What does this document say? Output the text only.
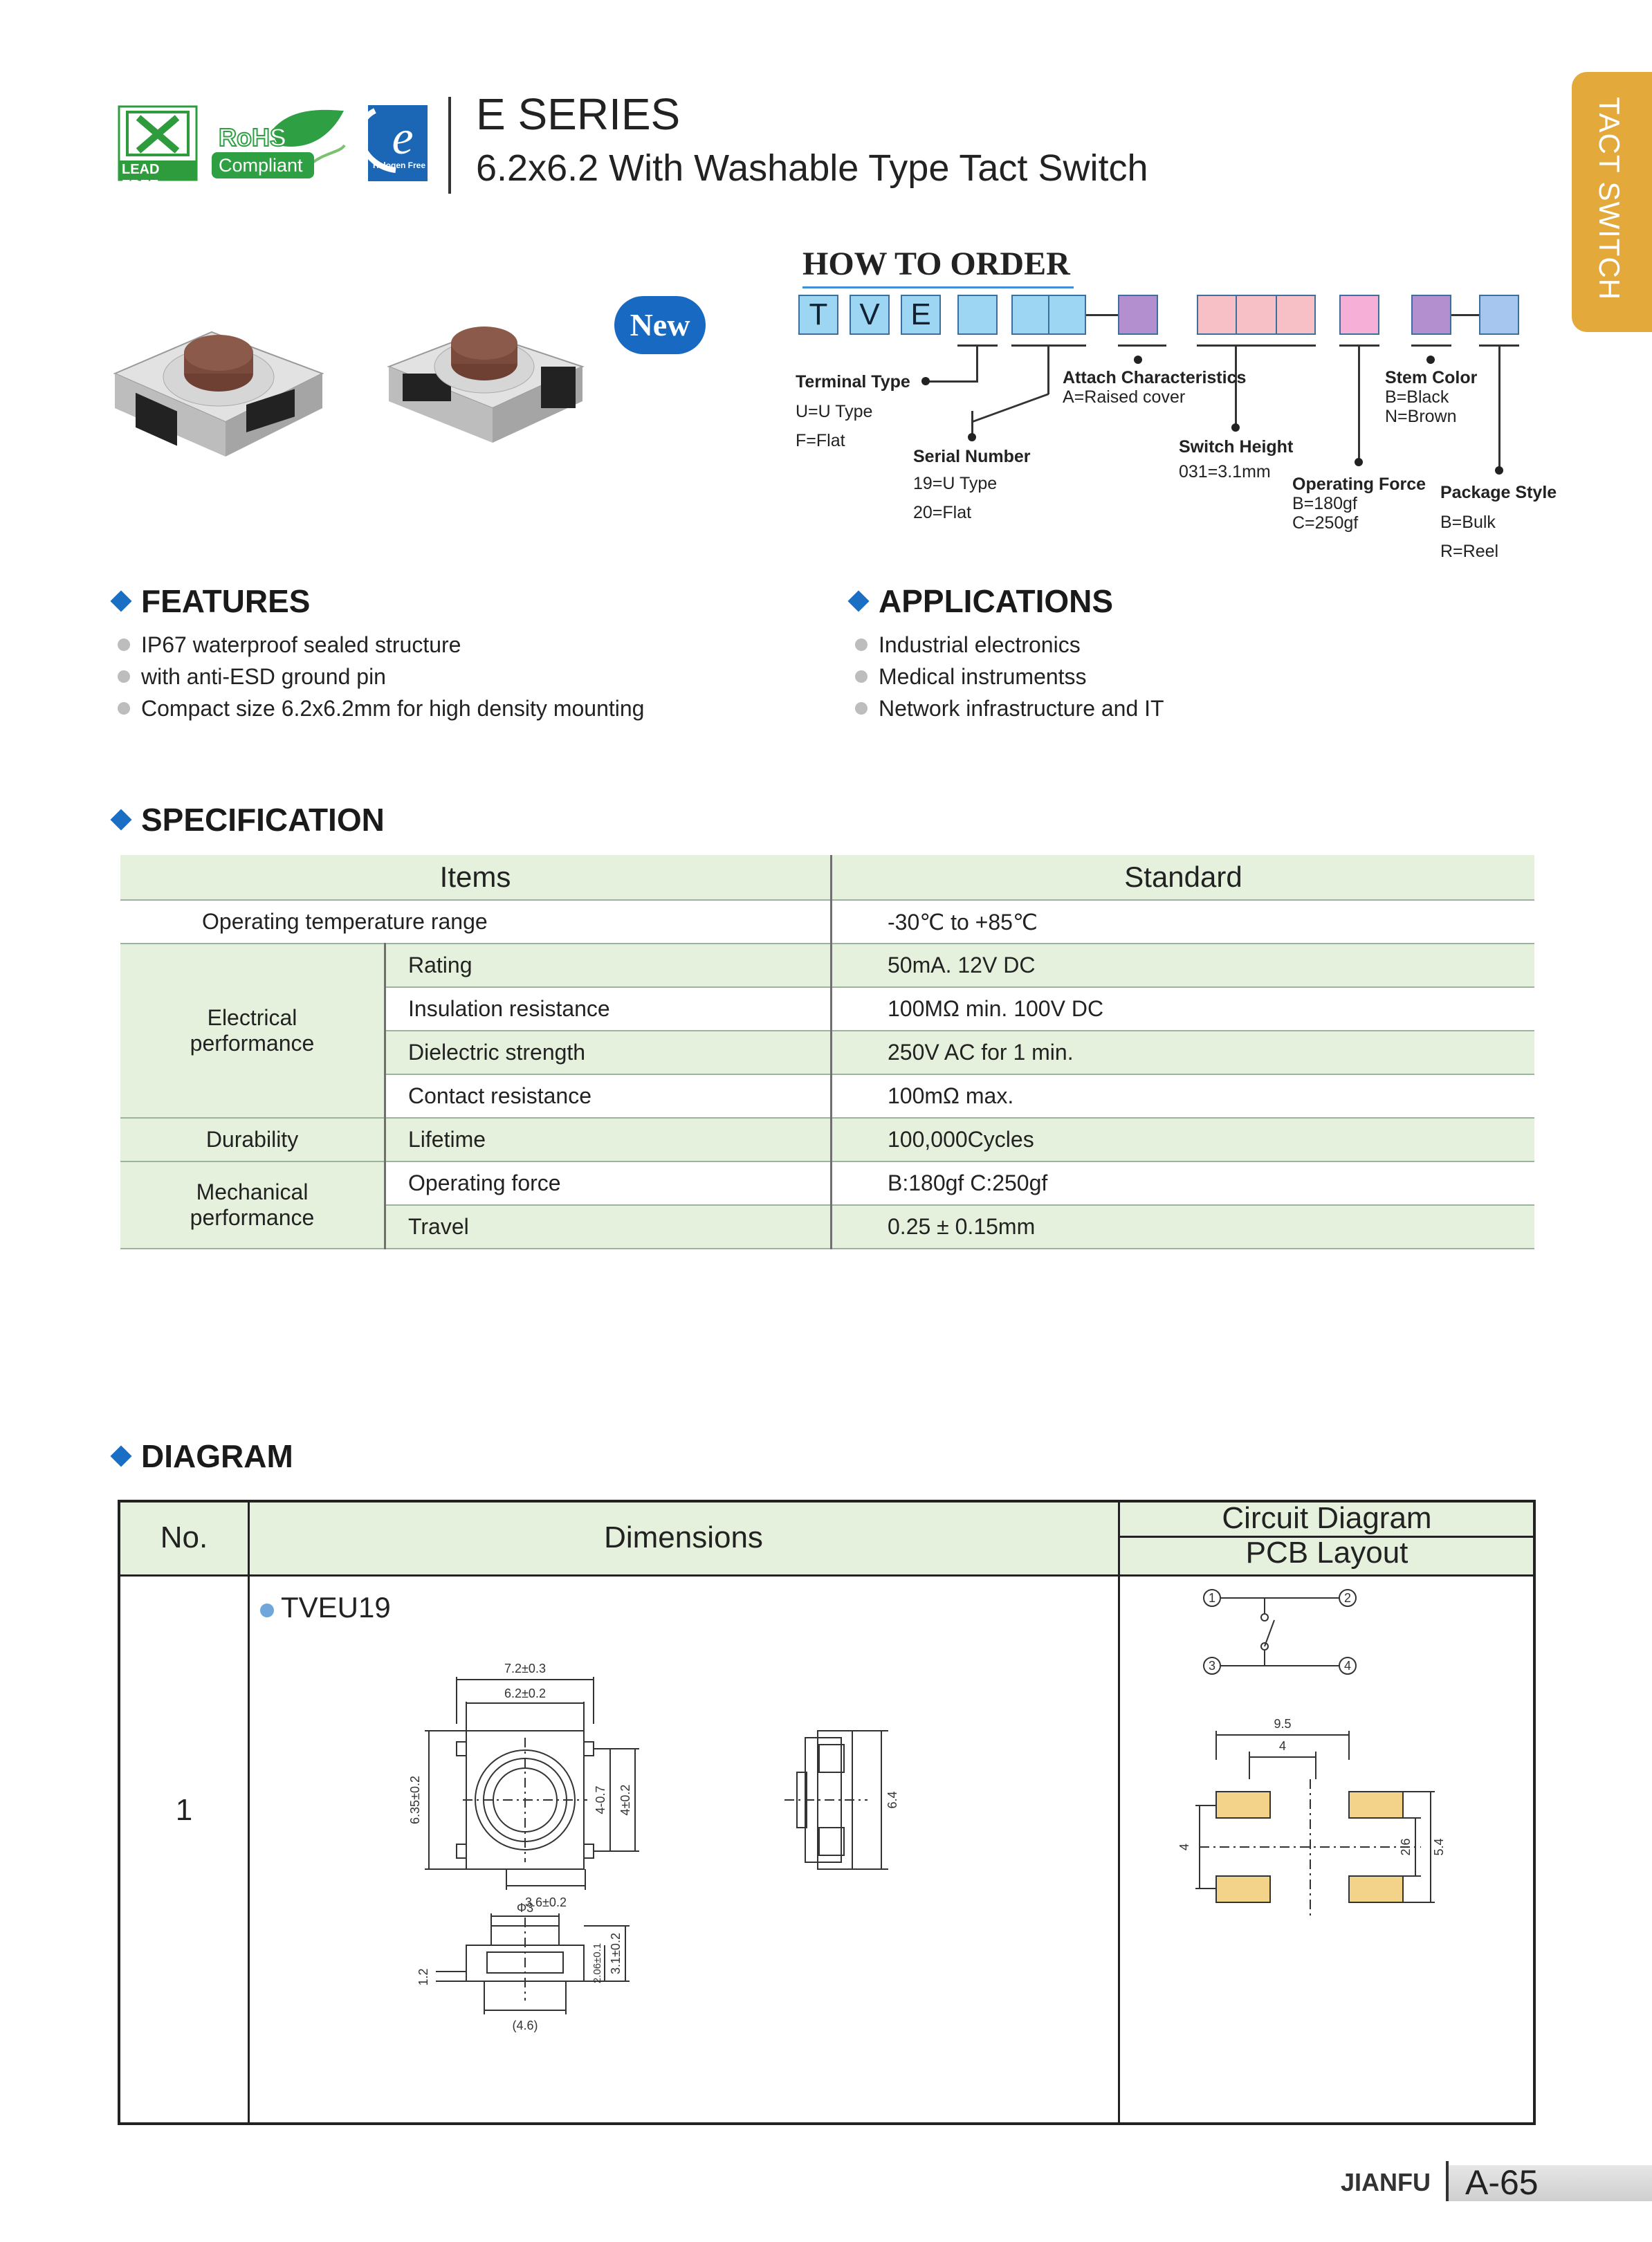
LEAD FREE
RoHS
Compliant
e
Halogen Free
E SERIES
6.2x6.2 With Washable Type Tact Switch	TACT SWITCH
New
HOW TO ORDER
T	V	E
Terminal Type
U=U Type
F=Flat
Serial Number
19=U Type
20=Flat
Attach Characteristics
A=Raised cover
Switch Height
031=3.1mm
Operating Force
B=180gf
C=250gf
Stem Color
B=Black
N=Brown
Package Style
B=Bulk
R=Reel
FEATURES
IP67 waterproof sealed structure
with anti-ESD ground pin
Compact size 6.2x6.2mm for high density mounting
APPLICATIONS
Industrial electronics
Medical instrumentss
Network infrastructure and IT
SPECIFICATION
Items		Standard
Operating temperature range		-30℃ to +85℃
Electrical
performance	Rating	50mA. 12V DC
	Insulation resistance	100MΩ min. 100V DC
	Dielectric strength	250V AC for 1 min.
	Contact resistance	100mΩ max.
Durability	Lifetime	100,000Cycles
Mechanical
performance	Operating force	B:180gf C:250gf
	Travel	0.25 ± 0.15mm
DIAGRAM
No.	Dimensions
Circuit Diagram
PCB Layout
1
TVEU19	1	2
3	4
7.2±0.3
6.2±0.2
6.35±0.2	4-0.7 4±0.2
3.6±0.2
6.4
Φ3
1.2	2.06±0.1 3.1±0.2
(4.6)
9.5
4
4	2.6 5.4
JIANFU A-65
